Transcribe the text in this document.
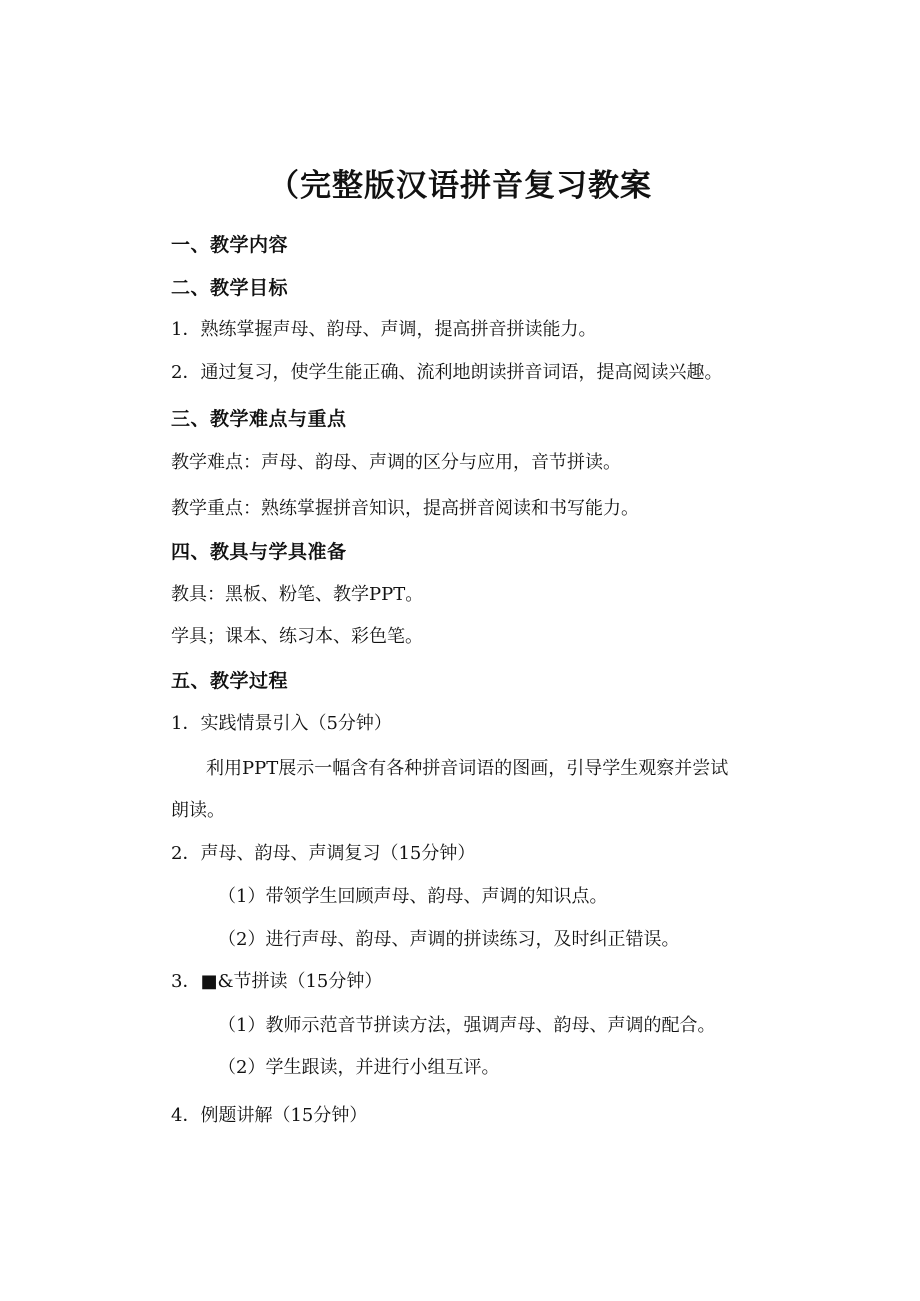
（完整版汉语拼音复习教案

一、教学内容

二、教学目标

1．熟练掌握声母、韵母、声调，提高拼音拼读能力。

2．通过复习，使学生能正确、流利地朗读拼音词语，提高阅读兴趣。

三、教学难点与重点

教学难点：声母、韵母、声调的区分与应用，音节拼读。

教学重点：熟练掌握拼音知识，提高拼音阅读和书写能力。

四、教具与学具准备

教具：黑板、粉笔、教学PPT。

学具；课本、练习本、彩色笔。

五、教学过程

1．实践情景引入（5分钟）

利用PPT展示一幅含有各种拼音词语的图画，引导学生观察并尝试

朗读。

2．声母、韵母、声调复习（15分钟）

（1）带领学生回顾声母、韵母、声调的知识点。

（2）进行声母、韵母、声调的拼读练习，及时纠正错误。

3．■&节拼读（15分钟）

（1）教师示范音节拼读方法，强调声母、韵母、声调的配合。

（2）学生跟读，并进行小组互评。

4．例题讲解（15分钟）
